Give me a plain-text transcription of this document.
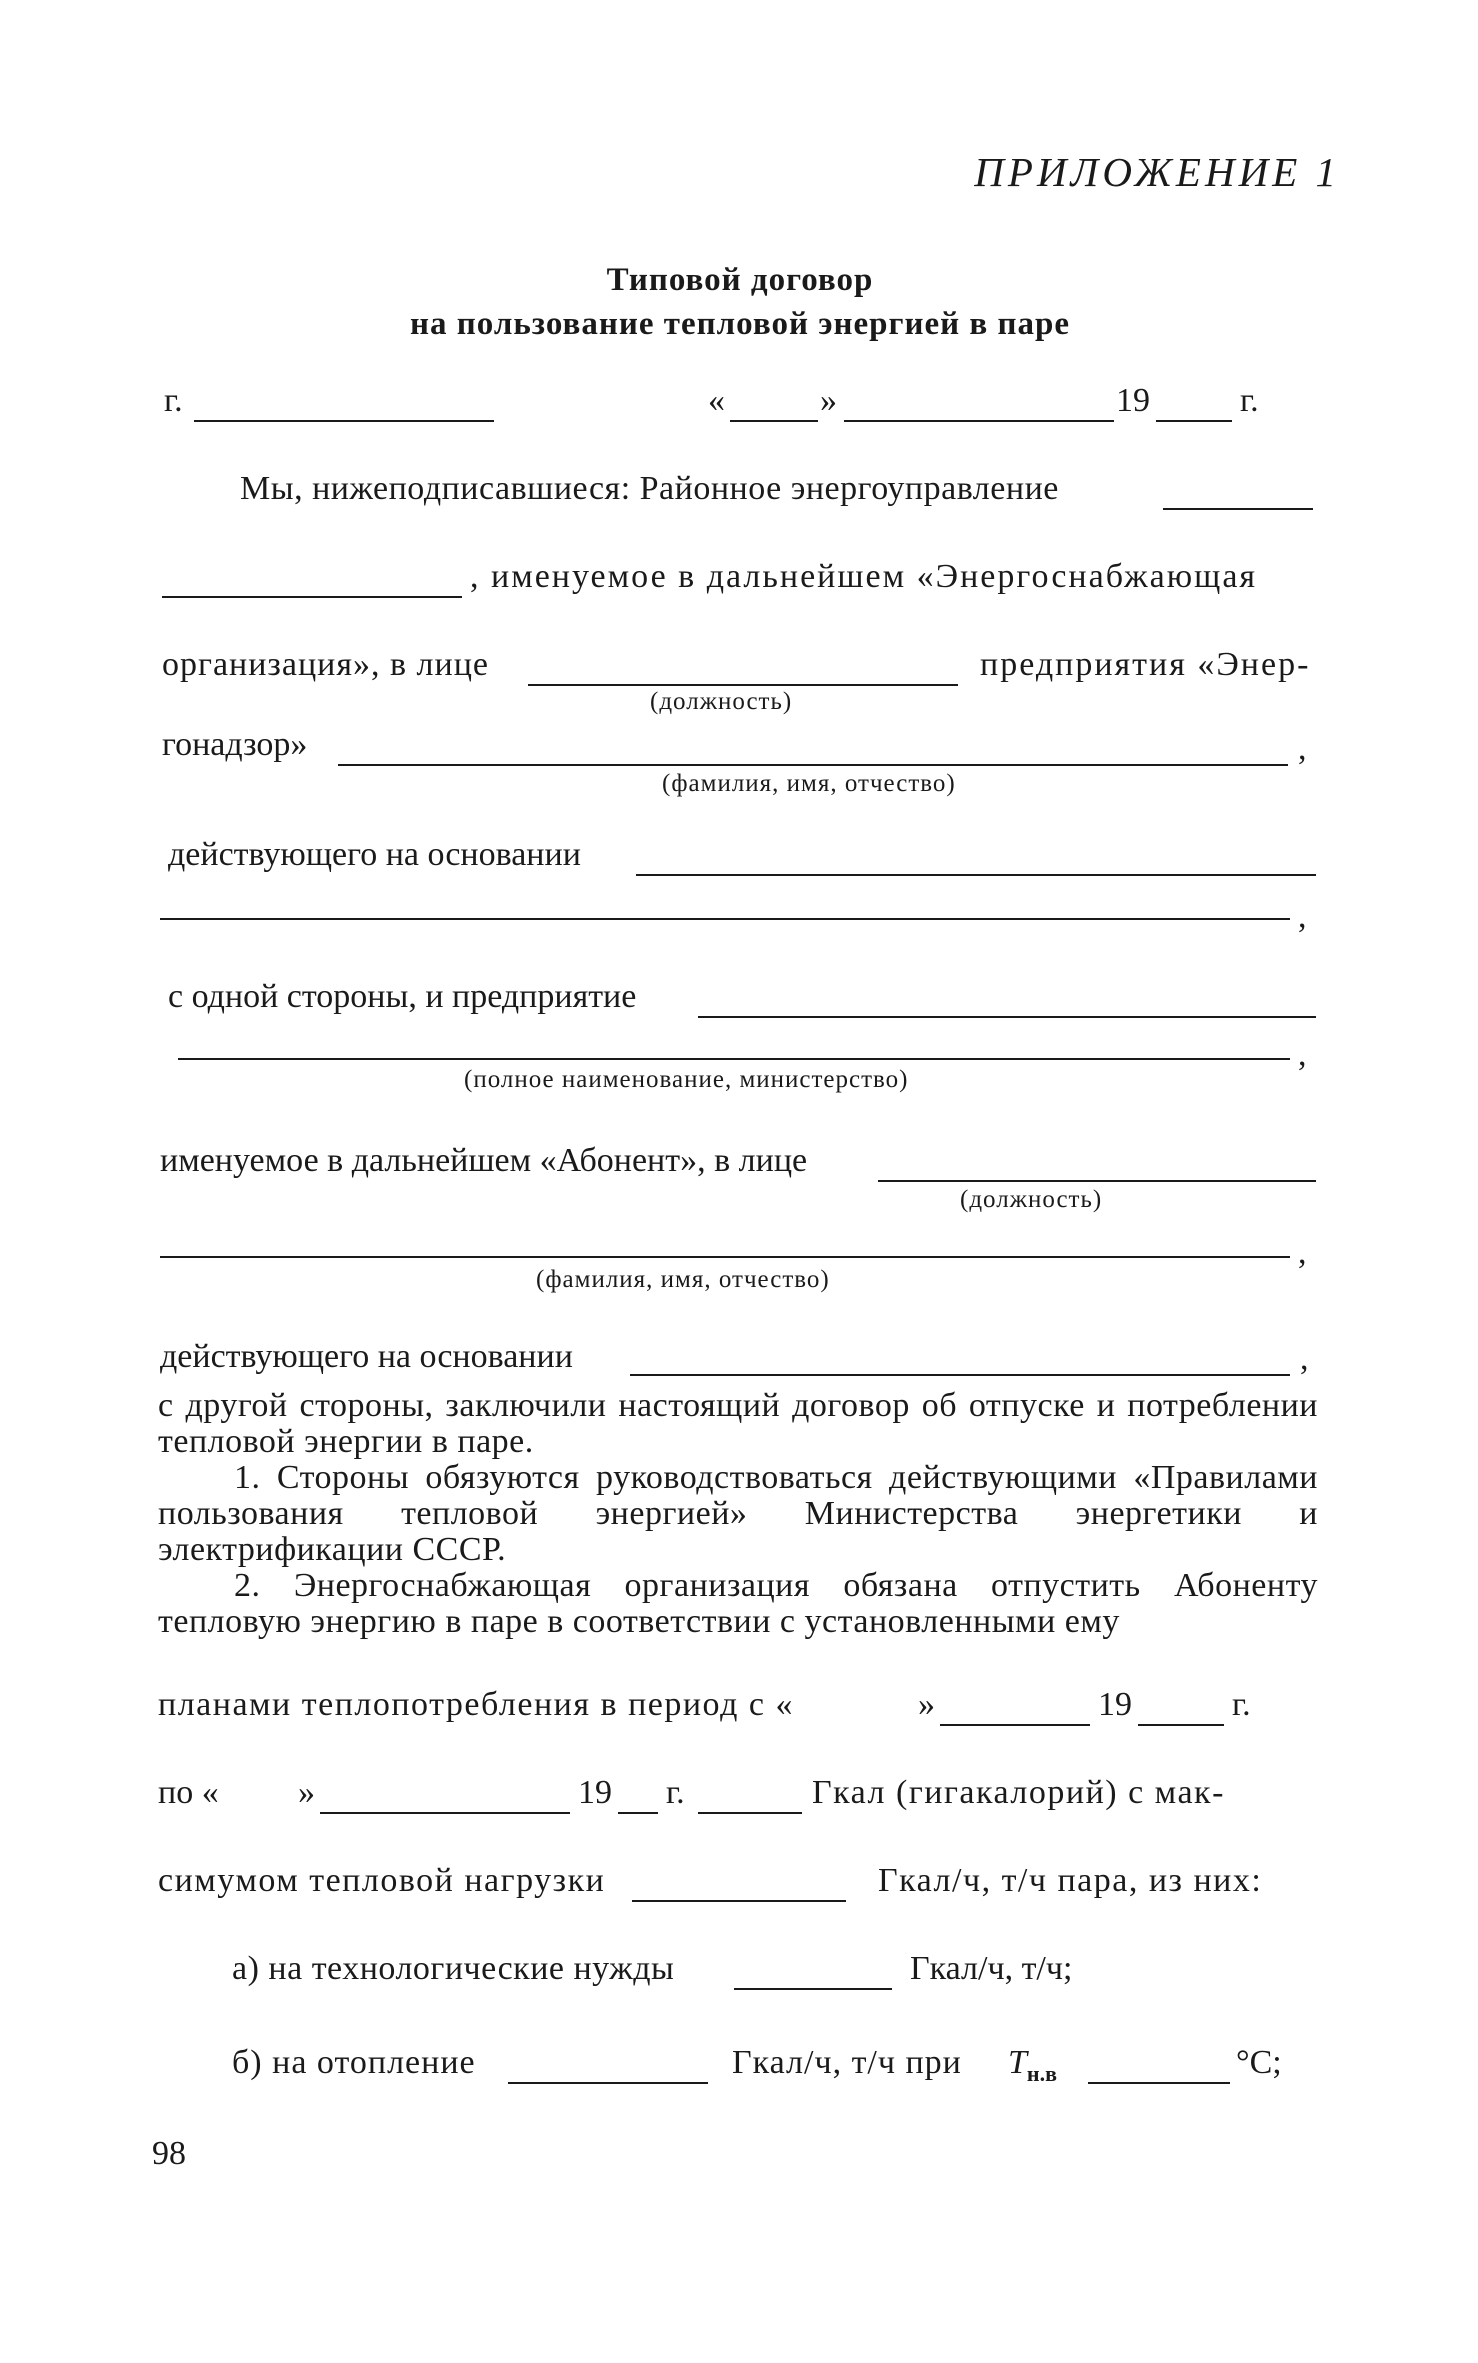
ПРИЛОЖЕНИЕ 1
Типовой договор
на пользование тепловой энергией в паре
г.	«	»	19	г.
Мы, нижеподписавшиеся: Районное энергоуправление
, именуемое в дальнейшем «Энергоснабжающая
организация», в лице	предприятия «Энер-
(должность)
гонадзор»	,
(фамилия, имя, отчество)
действующего на основании
,
с одной стороны, и предприятие
,
(полное наименование, министерство)
именуемое в дальнейшем «Абонент», в лице
(должность)
,
(фамилия, имя, отчество)
действующего на основании	,

с другой стороны, заключили настоящий договор об отпуске и потреблении тепловой энергии в паре.

1. Стороны обязуются руководствоваться действующими «Правилами пользования тепловой энергией» Министерства энергетики и электрификации СССР.

2. Энергоснабжающая организация обязана отпустить Абоненту тепловую энергию в паре в соответствии с установленными ему

планами теплопотребления в период с «	»	19	г.
по « »	19 г.	Гкал (гигакалорий) с мак-
симумом тепловой нагрузки	Гкал/ч, т/ч пара, из них:
а) на технологические нужды	Гкал/ч, т/ч;
б) на отопление	Гкал/ч, т/ч при $T_{н.в}$	°С;
98
